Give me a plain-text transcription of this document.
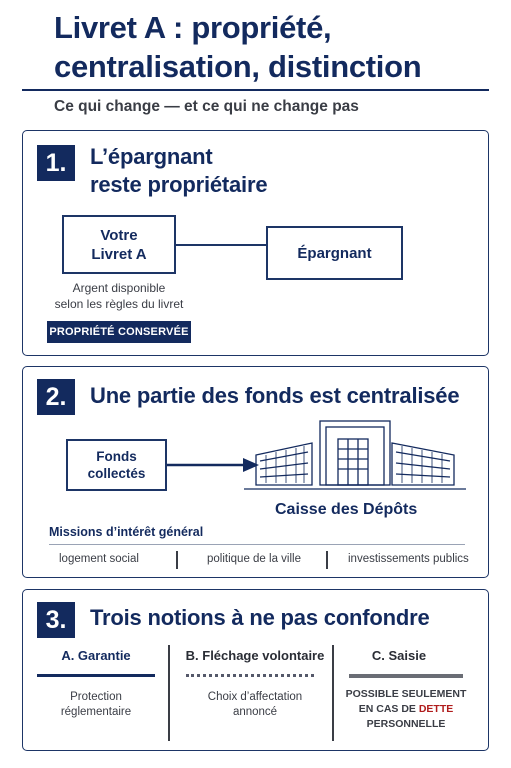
Livret A : propriété,
centralisation, distinction
Ce qui change — et ce qui ne change pas
1.	L’épargnant
reste propriétaire
Votre
Livret A	Épargnant
Argent disponible
selon les règles du livret
PROPRIÉTÉ CONSERVÉE
2.	Une partie des fonds est centralisée
Fonds
collectés
Caisse des Dépôts
Missions d’intérêt général
logement social	politique de la ville	investissements publics
3.	Trois notions à ne pas confondre
A. Garantie
Protection
réglementaire
B. Fléchage volontaire
Choix d’affectation
annoncé
C. Saisie
POSSIBLE SEULEMENT
EN CAS DE DETTE
PERSONNELLE
